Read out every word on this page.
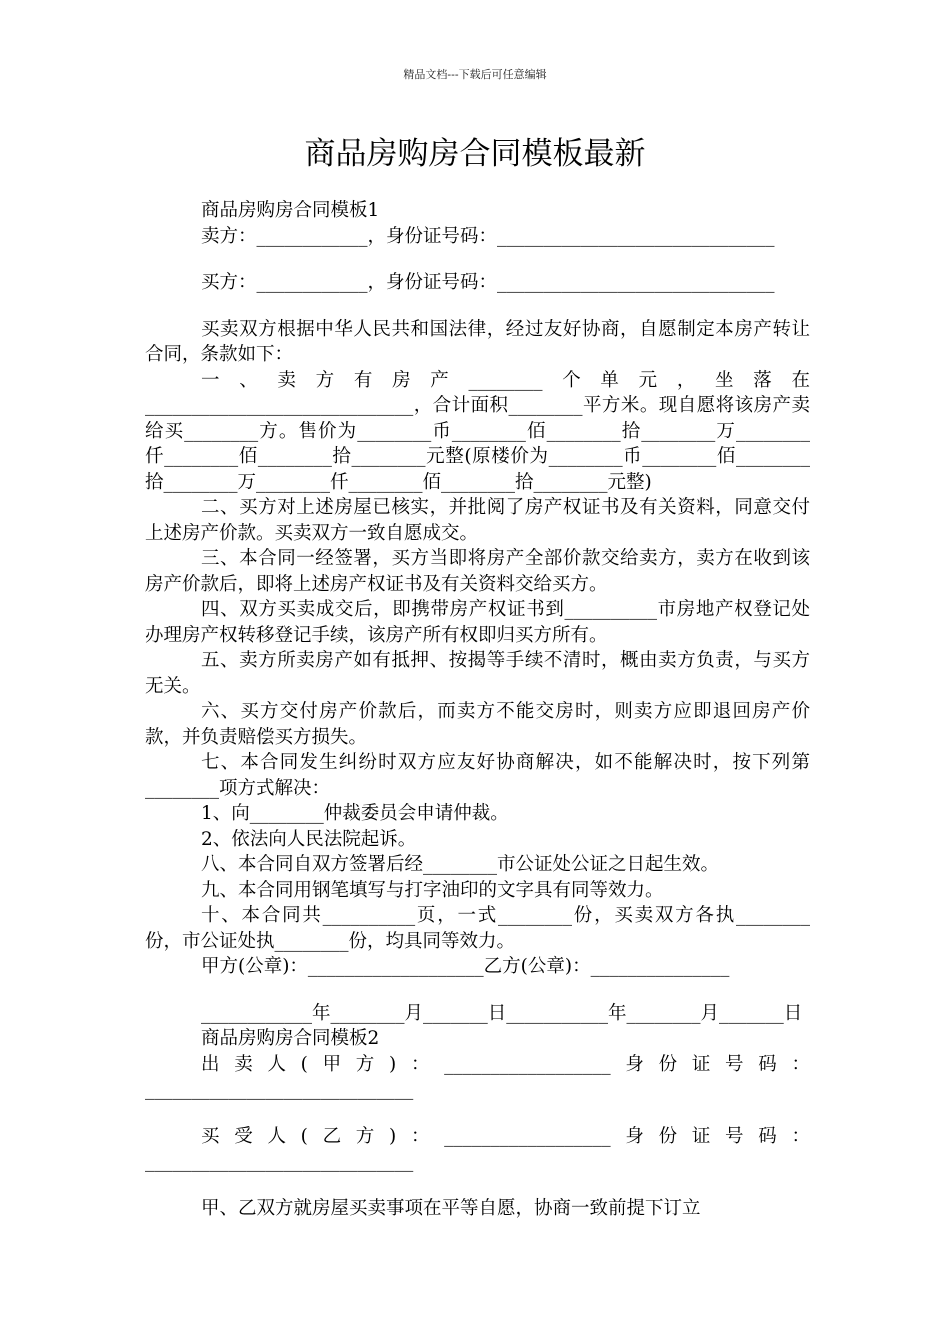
精品文档---下载后可任意编辑
商品房购房合同模板最新

商品房购房合同模板1

卖方：____________，身份证号码：______________________________

买方：____________，身份证号码：______________________________

买卖双方根据中华人民共和国法律，经过友好协商，自愿制定本房产转让合同，条款如下：

一、卖方有房产________个单元，坐落在_____________________________，合计面积________平方米。现自愿将该房产卖给买________方。售价为________币________佰________拾________万________仟________佰________拾________元整(原楼价为________币________佰________拾________万________仟________佰________拾________元整)

二、买方对上述房屋已核实，并批阅了房产权证书及有关资料，同意交付上述房产价款。买卖双方一致自愿成交。

三、本合同一经签署，买方当即将房产全部价款交给卖方，卖方在收到该房产价款后，即将上述房产权证书及有关资料交给买方。

四、双方买卖成交后，即携带房产权证书到__________市房地产权登记处办理房产权转移登记手续，该房产所有权即归买方所有。

五、卖方所卖房产如有抵押、按揭等手续不清时，概由卖方负责，与买方无关。

六、买方交付房产价款后，而卖方不能交房时，则卖方应即退回房产价款，并负责赔偿买方损失。

七、本合同发生纠纷时双方应友好协商解决，如不能解决时，按下列第________项方式解决：

1、向________仲裁委员会申请仲裁。

2、依法向人民法院起诉。

八、本合同自双方签署后经________市公证处公证之日起生效。

九、本合同用钢笔填写与打字油印的文字具有同等效力。

十、本合同共__________页，一式________份，买卖双方各执________份，市公证处执________份，均具同等效力。

甲方(公章)：___________________乙方(公章)：_______________

____________年________月_______日___________年________月_______日

商品房购房合同模板2

出卖人(甲方)：__________________身份证号码：_____________________________

买受人(乙方)：__________________身份证号码：_____________________________

甲、乙双方就房屋买卖事项在平等自愿，协商一致前提下订立
